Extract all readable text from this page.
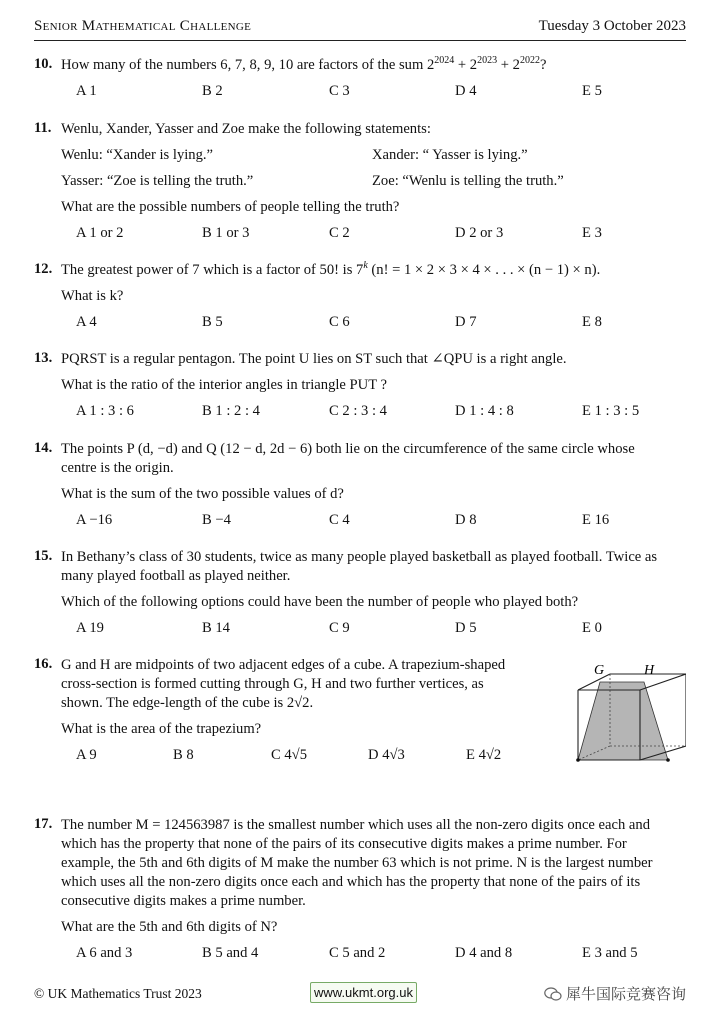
Senior Mathematical Challenge	Tuesday 3 October 2023
10. How many of the numbers 6, 7, 8, 9, 10 are factors of the sum $2^{2024} + 2^{2023} + 2^{2022}$?
A 1	B 2	C 3	D 4	E 5
11. Wenlu, Xander, Yasser and Zoe make the following statements:
Wenlu: “Xander is lying.”	Xander: “ Yasser is lying.”
Yasser: “Zoe is telling the truth.”	Zoe: “Wenlu is telling the truth.”
What are the possible numbers of people telling the truth?
A 1 or 2	B 1 or 3	C 2	D 2 or 3	E 3
12. The greatest power of 7 which is a factor of 50! is 7$^k$ (n! = 1 × 2 × 3 × 4 × . . . × (n − 1) × n).
What is k?
A 4	B 5	C 6	D 7	E 8
13. PQRST is a regular pentagon. The point U lies on ST such that ∠QPU is a right angle.
What is the ratio of the interior angles in triangle PUT ?
A 1 : 3 : 6	B 1 : 2 : 4	C 2 : 3 : 4	D 1 : 4 : 8	E 1 : 3 : 5
14. The points P (d, −d) and Q (12 − d, 2d − 6) both lie on the circumference of the same circle whose
centre is the origin.
What is the sum of the two possible values of d?
A −16	B −4	C 4	D 8	E 16
15. In Bethany’s class of 30 students, twice as many people played basketball as played football. Twice as
many played football as played neither.
Which of the following options could have been the number of people who played both?
A 19	B 14	C 9	D 5	E 0
16. G and H are midpoints of two adjacent edges of a cube. A trapezium-shaped
cross-section is formed cutting through G, H and two further vertices, as
shown. The edge-length of the cube is 2√2.
What is the area of the trapezium?
A 9	B 8	C 4√5	D 4√3	E 4√2
G	H
17. The number M = 124563987 is the smallest number which uses all the non-zero digits once each and
which has the property that none of the pairs of its consecutive digits makes a prime number. For
example, the 5th and 6th digits of M make the number 63 which is not prime. N is the largest number
which uses all the non-zero digits once each and which has the property that none of the pairs of its
consecutive digits makes a prime number.
What are the 5th and 6th digits of N?
A 6 and 3	B 5 and 4	C 5 and 2	D 4 and 8	E 3 and 5
© UK Mathematics Trust 2023	www.ukmt.org.uk	犀牛国际竞赛咨询
